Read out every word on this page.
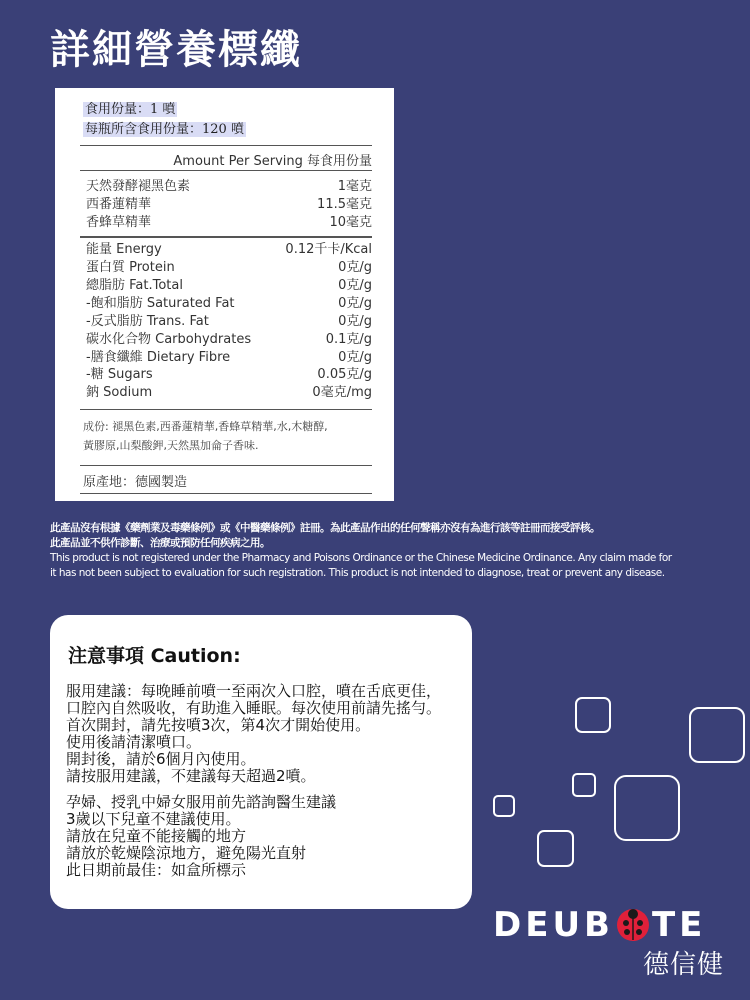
詳細營養標纖
食用份量：1 噴
每瓶所含食用份量：120 噴
Amount Per Serving 每食用份量
天然發酵褪黑色素	1毫克
西番蓮精華	11.5毫克
香蜂草精華	10毫克
能量 Energy	0.12千卡/Kcal
蛋白質 Protein	0克/g
總脂肪 Fat.Total	0克/g
-飽和脂肪 Saturated Fat	0克/g
-反式脂肪 Trans. Fat	0克/g
碳水化合物 Carbohydrates	0.1克/g
-膳食纖維 Dietary Fibre	0克/g
-糖 Sugars	0.05克/g
鈉 Sodium	0毫克/mg
成份: 褪黑色素,西番蓮精華,香蜂草精華,水,木糖醇,
黃膠原,山梨酸鉀,天然黑加侖子香味.
原產地：德國製造
此產品沒有根據《藥劑業及毒藥條例》或《中醫藥條例》註冊。為此產品作出的任何聲稱亦沒有為進行該等註冊而接受評核。
此產品並不供作診斷、治療或預防任何疾病之用。
This product is not registered under the Pharmacy and Poisons Ordinance or the Chinese Medicine Ordinance. Any claim made for
it has not been subject to evaluation for such registration. This product is not intended to diagnose, treat or prevent any disease.
注意事項 Caution:
服用建議：每晚睡前噴一至兩次入口腔，噴在舌底更佳，
口腔內自然吸收，有助進入睡眠。每次使用前請先搖勻。
首次開封，請先按噴3次，第4次才開始使用。
使用後請清潔噴口。
開封後，請於6個月內使用。
請按服用建議，不建議每天超過2噴。
孕婦、授乳中婦女服用前先諮詢醫生建議
3歲以下兒童不建議使用。
請放在兒童不能接觸的地方
請放於乾燥陰涼地方，避免陽光直射
此日期前最佳：如盒所標示
DEUB TE
德信健
